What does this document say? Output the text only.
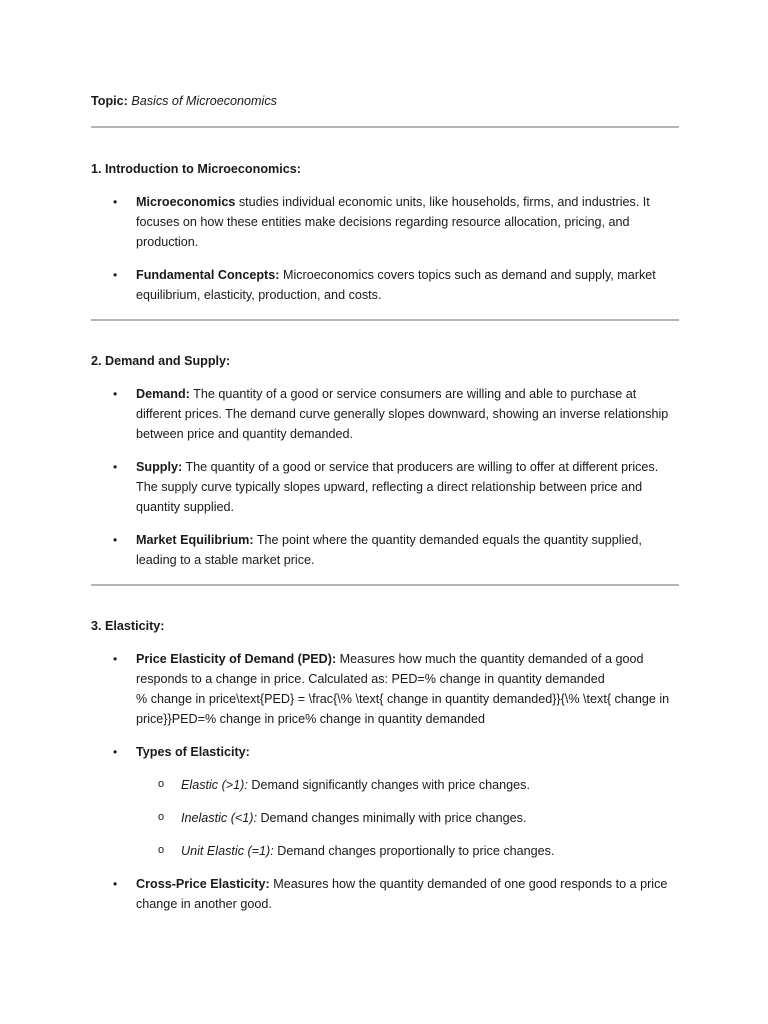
Topic: Basics of Microeconomics

1. Introduction to Microeconomics:

• Microeconomics studies individual economic units, like households, firms, and industries. It focuses on how these entities make decisions regarding resource allocation, pricing, and production.
• Fundamental Concepts: Microeconomics covers topics such as demand and supply, market equilibrium, elasticity, production, and costs.

2. Demand and Supply:

• Demand: The quantity of a good or service consumers are willing and able to purchase at different prices. The demand curve generally slopes downward, showing an inverse relationship between price and quantity demanded.
• Supply: The quantity of a good or service that producers are willing to offer at different prices. The supply curve typically slopes upward, reflecting a direct relationship between price and quantity supplied.
• Market Equilibrium: The point where the quantity demanded equals the quantity supplied, leading to a stable market price.

3. Elasticity:

• Price Elasticity of Demand (PED): Measures how much the quantity demanded of a good responds to a change in price. Calculated as: PED=% change in quantity demanded
% change in price\text{PED} = \frac{\% \text{ change in quantity demanded}}{\% \text{ change in price}}PED=% change in price% change in quantity demanded
• Types of Elasticity:
o Elastic (>1): Demand significantly changes with price changes.
o Inelastic (<1): Demand changes minimally with price changes.
o Unit Elastic (=1): Demand changes proportionally to price changes.
• Cross-Price Elasticity: Measures how the quantity demanded of one good responds to a price change in another good.
